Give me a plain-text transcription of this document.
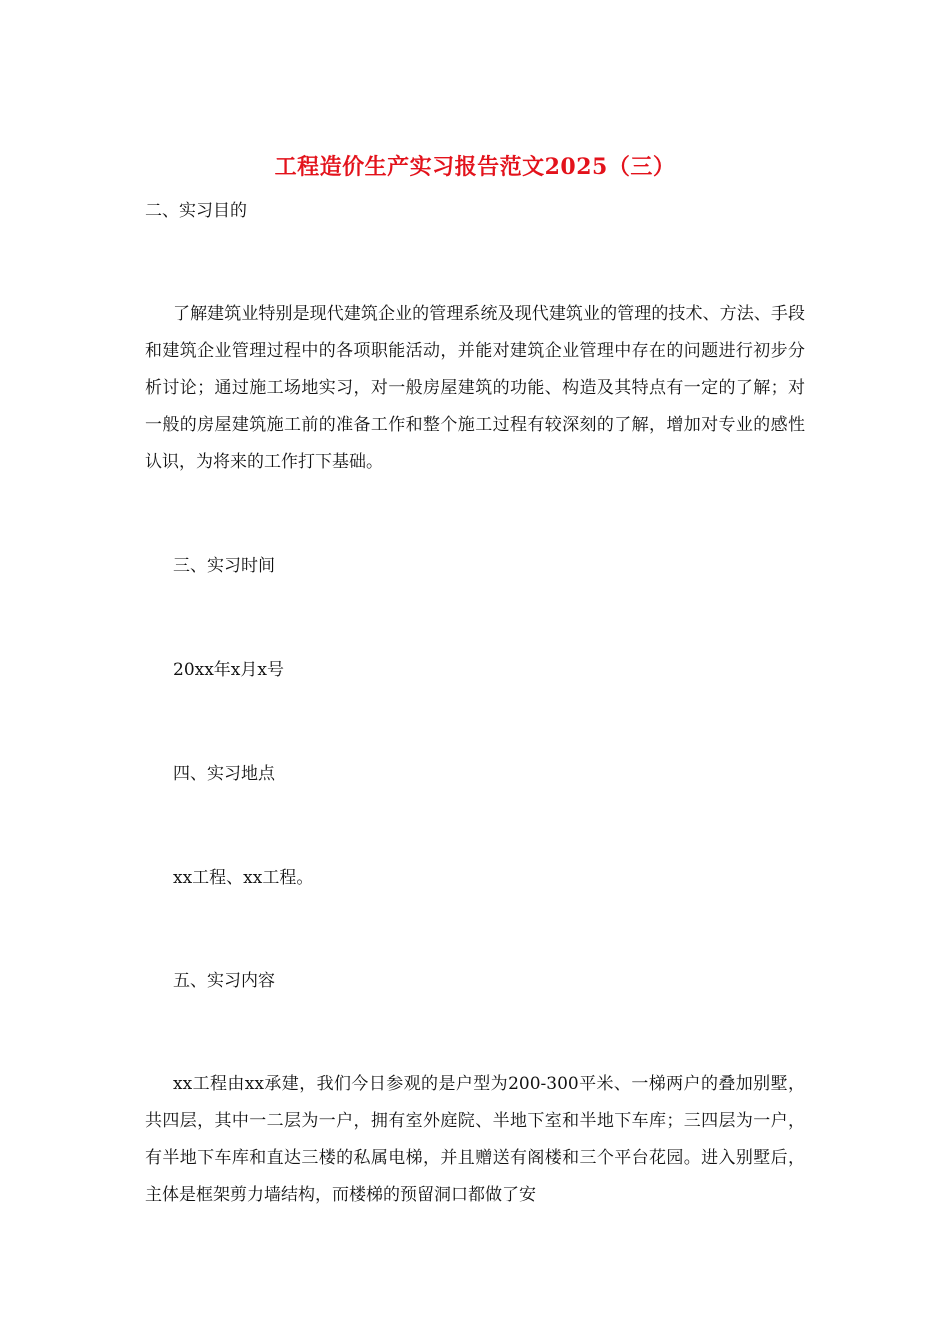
工程造价生产实习报告范文2025（三）
二、实习目的
了解建筑业特别是现代建筑企业的管理系统及现代建筑业的管理的技术、方法、手段和建筑企业管理过程中的各项职能活动，并能对建筑企业管理中存在的问题进行初步分析讨论；通过施工场地实习，对一般房屋建筑的功能、构造及其特点有一定的了解；对一般的房屋建筑施工前的准备工作和整个施工过程有较深刻的了解，增加对专业的感性认识，为将来的工作打下基础。
三、实习时间
20xx年x月x号
四、实习地点
xx工程、xx工程。
五、实习内容
xx工程由xx承建，我们今日参观的是户型为200-300平米、一梯两户的叠加别墅，共四层，其中一二层为一户，拥有室外庭院、半地下室和半地下车库；三四层为一户，有半地下车库和直达三楼的私属电梯，并且赠送有阁楼和三个平台花园。进入别墅后，主体是框架剪力墙结构，而楼梯的预留洞口都做了安
